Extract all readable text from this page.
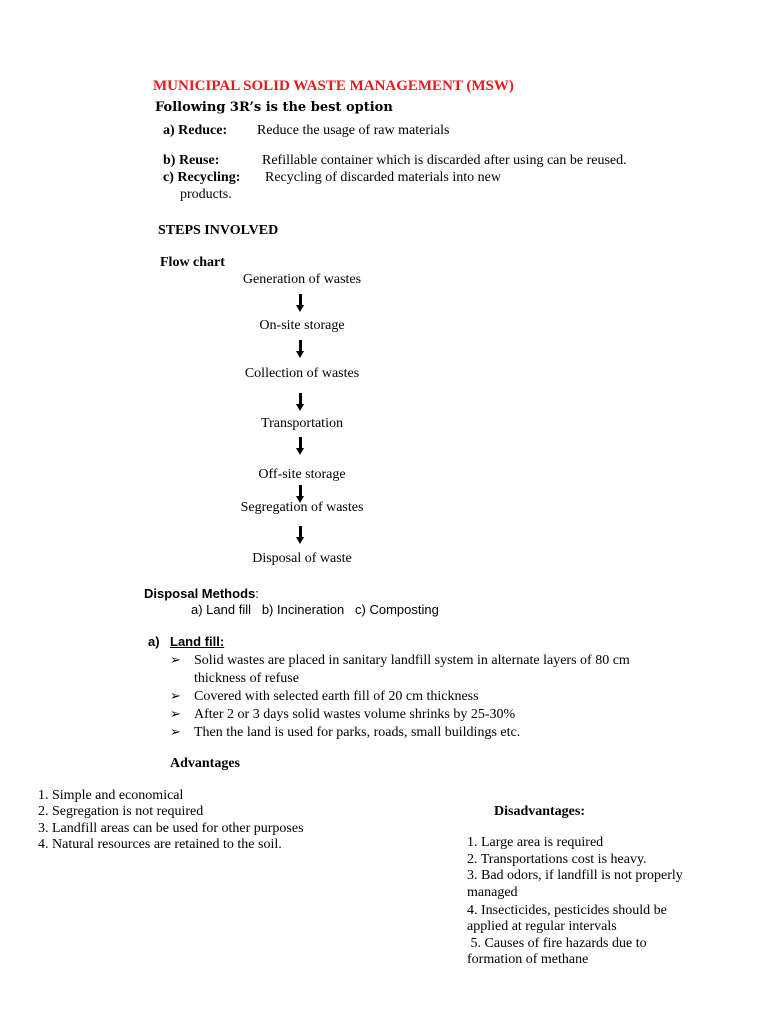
MUNICIPAL SOLID WASTE MANAGEMENT (MSW)
Following 3R’s is the best option
a) Reduce: Reduce the usage of raw materials
b) Reuse:	Refillable container which is discarded after using can be reused.
c) Recycling: Recycling of discarded materials into new
products.
STEPS INVOLVED
Flow chart
Generation of wastes
On-site storage
Collection of wastes
Transportation
Off-site storage
Segregation of wastes
Disposal of waste
Disposal Methods:
a) Land fill   b) Incineration   c) Composting
a) Land fill:
➢ Solid wastes are placed in sanitary landfill system in alternate layers of 80 cm
thickness of refuse
➢ Covered with selected earth fill of 20 cm thickness
➢ After 2 or 3 days solid wastes volume shrinks by 25-30%
➢ Then the land is used for parks, roads, small buildings etc.
Advantages
1. Simple and economical
2. Segregation is not required
3. Landfill areas can be used for other purposes
4. Natural resources are retained to the soil.
Disadvantages:
1. Large area is required
2. Transportations cost is heavy.
3. Bad odors, if landfill is not properly
managed
4. Insecticides, pesticides should be
applied at regular intervals
5. Causes of fire hazards due to
formation of methane
